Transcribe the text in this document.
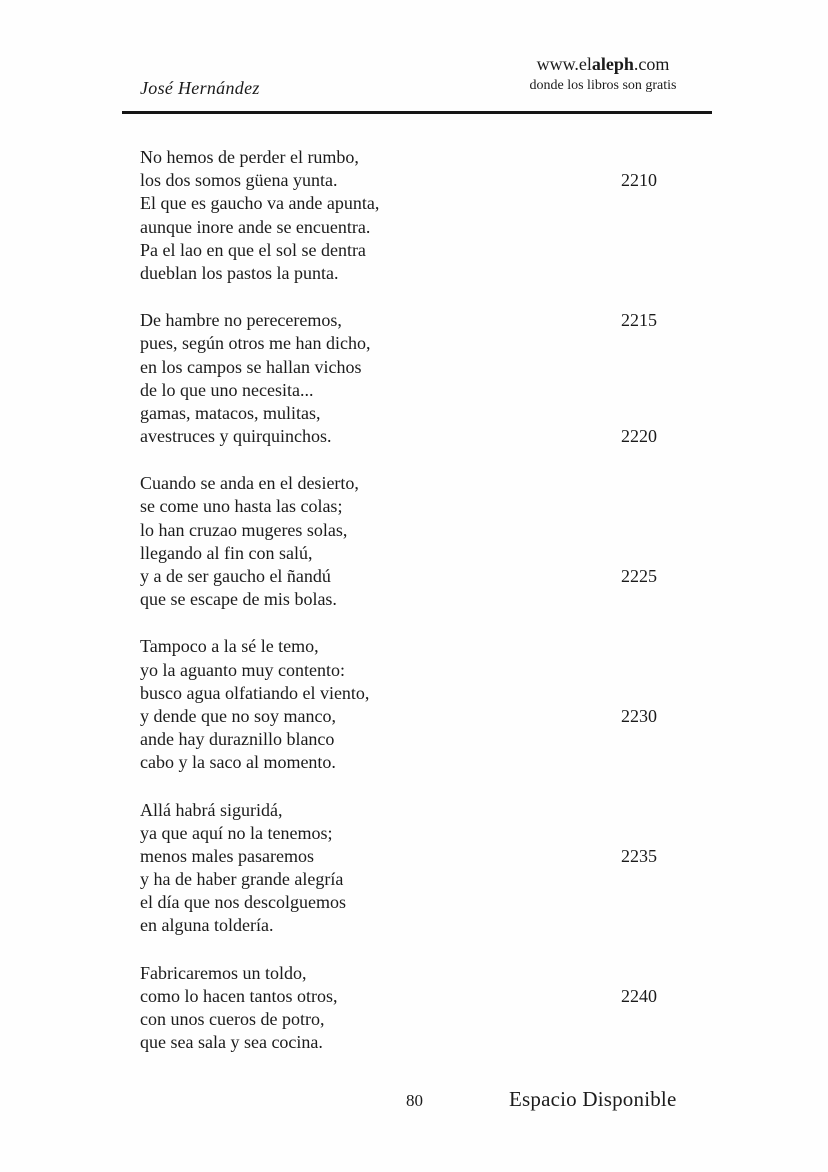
José Hernández
www.elaleph.com
donde los libros son gratis
No hemos de perder el rumbo,
los dos somos güena yunta.	2210
El que es gaucho va ande apunta,
aunque inore ande se encuentra.
Pa el lao en que el sol se dentra
dueblan los pastos la punta.
De hambre no pereceremos,	2215
pues, según otros me han dicho,
en los campos se hallan vichos
de lo que uno necesita...
gamas, matacos, mulitas,
avestruces y quirquinchos.	2220
Cuando se anda en el desierto,
se come uno hasta las colas;
lo han cruzao mugeres solas,
llegando al fin con salú,
y a de ser gaucho el ñandú	2225
que se escape de mis bolas.
Tampoco a la sé le temo,
yo la aguanto muy contento:
busco agua olfatiando el viento,
y dende que no soy manco,	2230
ande hay duraznillo blanco
cabo y la saco al momento.
Allá habrá siguridá,
ya que aquí no la tenemos;
menos males pasaremos	2235
y ha de haber grande alegría
el día que nos descolguemos
en alguna toldería.
Fabricaremos un toldo,
como lo hacen tantos otros,	2240
con unos cueros de potro,
que sea sala y sea cocina.
80	Espacio Disponible
